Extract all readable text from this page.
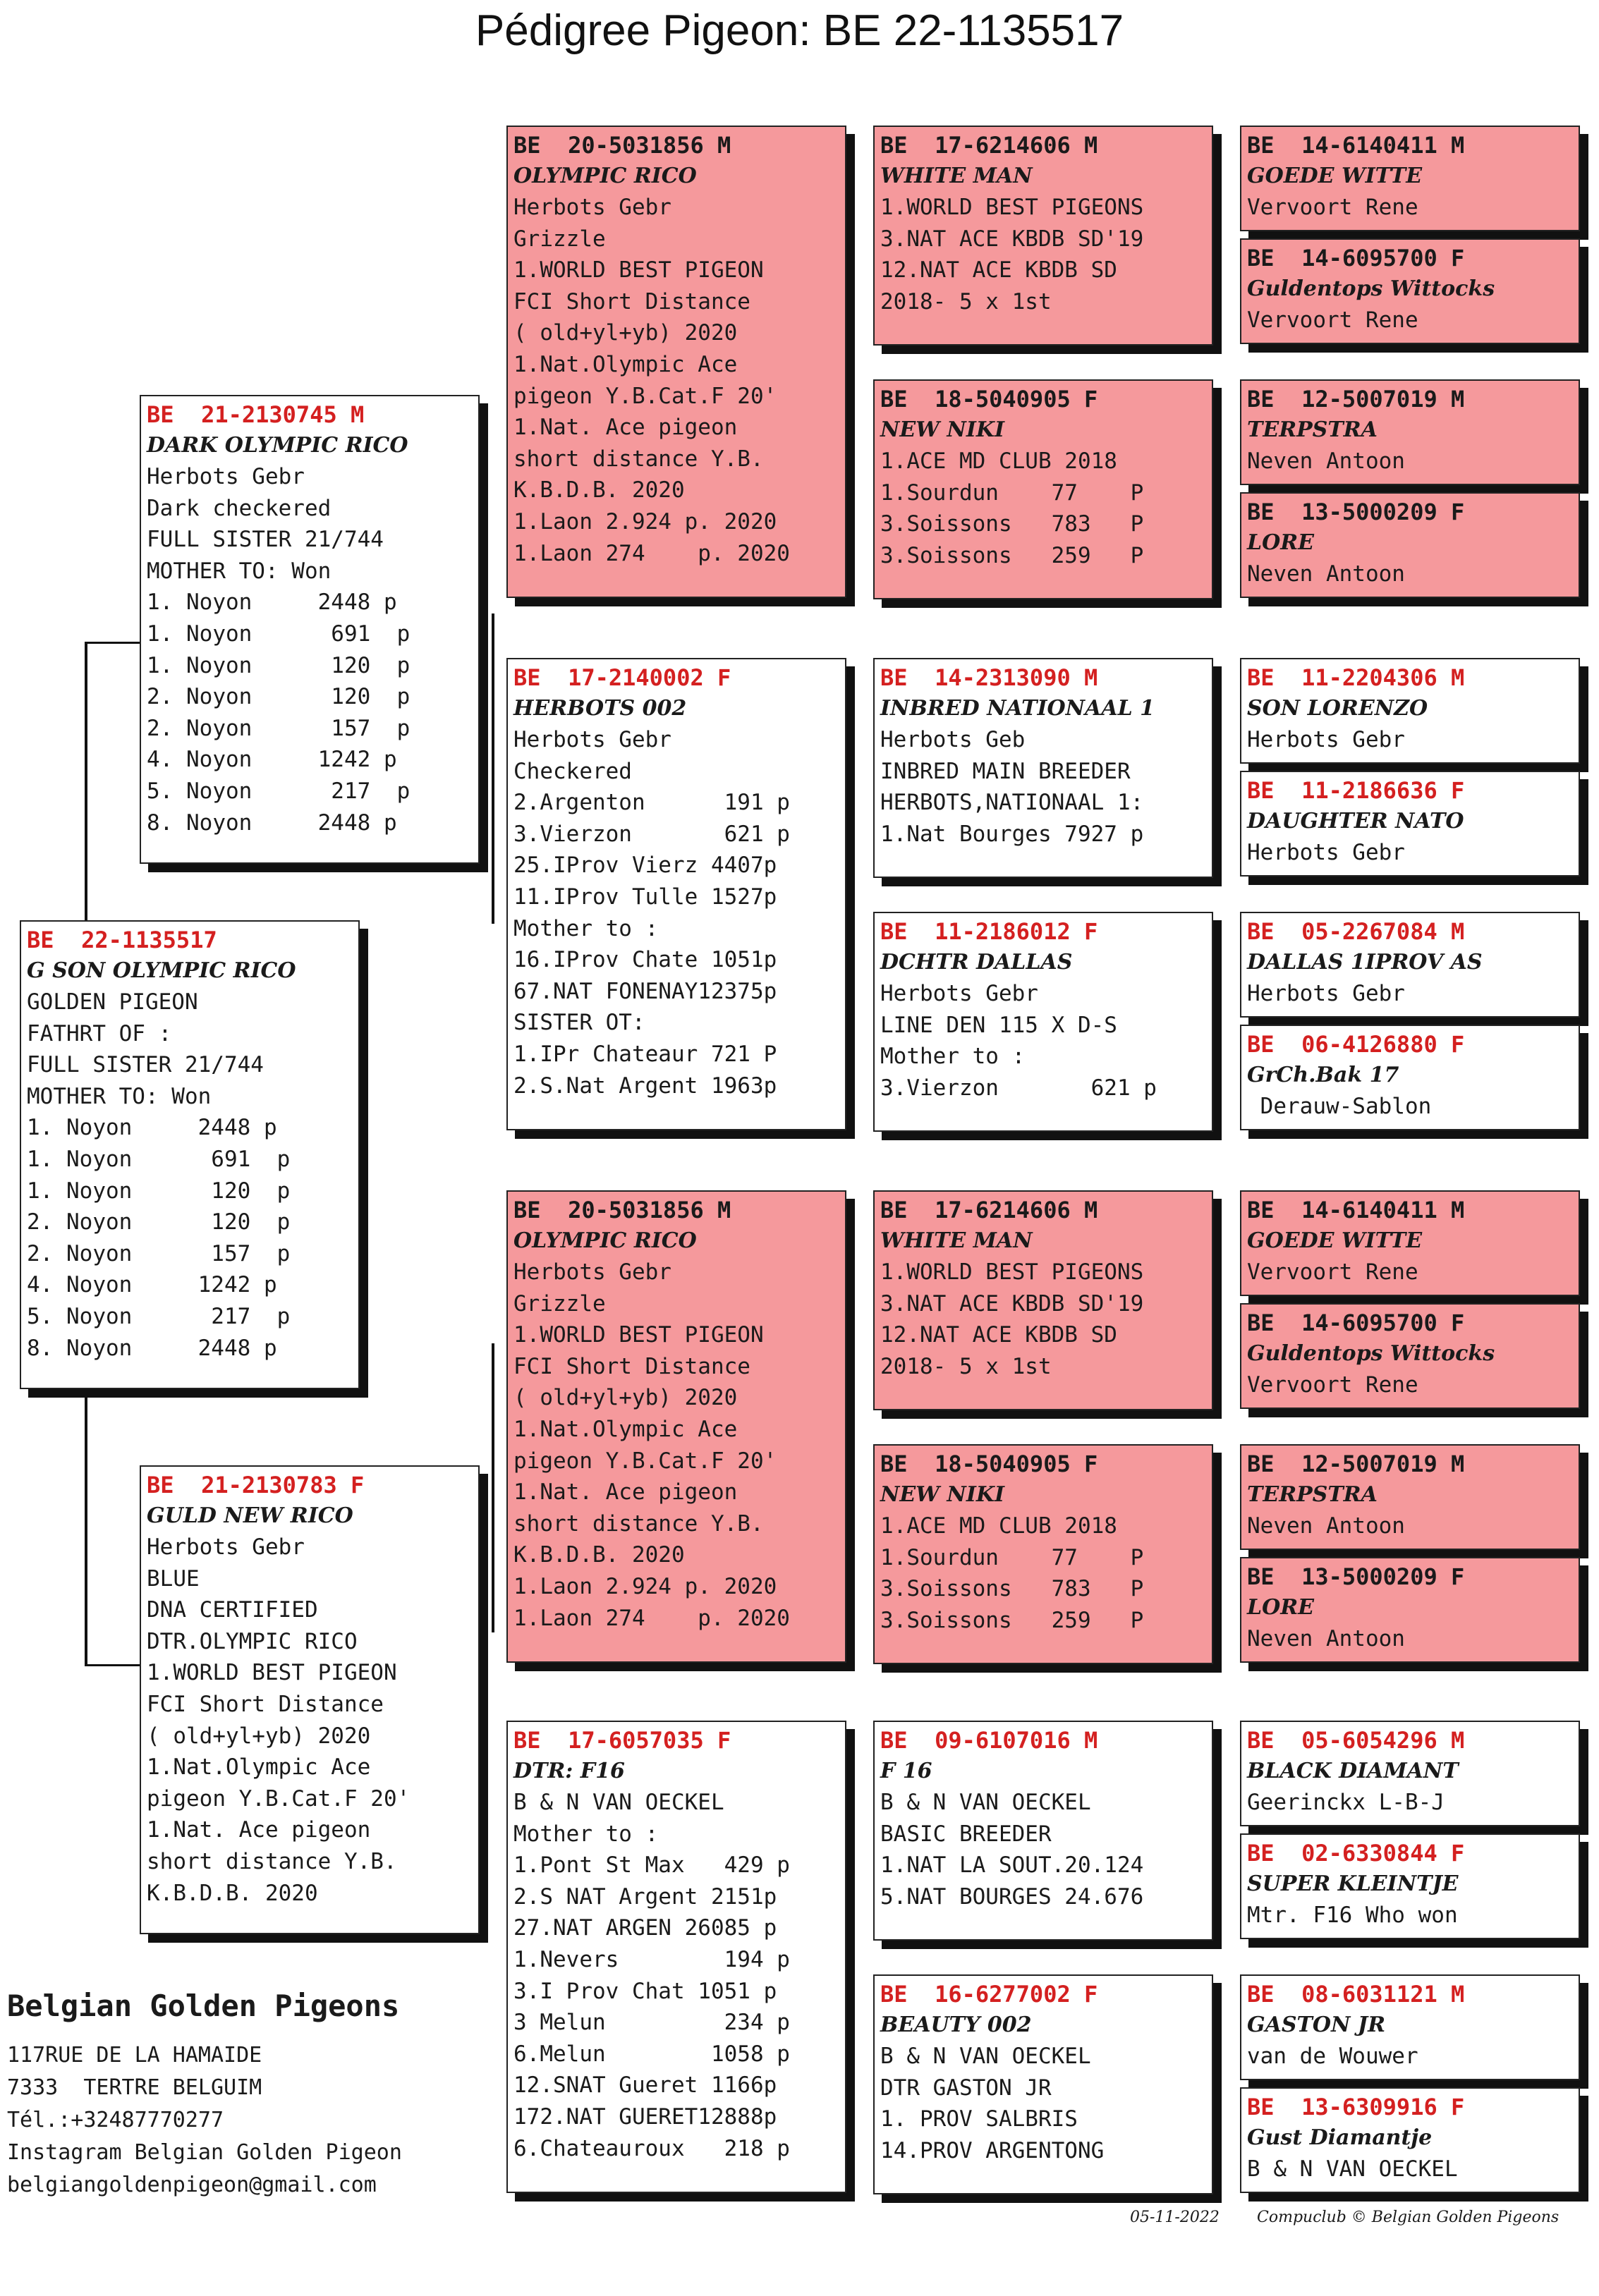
Pédigree Pigeon: BE 22-1135517
BE  22-1135517
G SON OLYMPIC RICO
GOLDEN PIGEON
FATHRT OF :
FULL SISTER 21/744
MOTHER TO: Won
1. Noyon     2448 p
1. Noyon      691  p
1. Noyon      120  p
2. Noyon      120  p
2. Noyon      157  p
4. Noyon     1242 p
5. Noyon      217  p
8. Noyon     2448 p
BE  21-2130745 M
DARK OLYMPIC RICO
Herbots Gebr
Dark checkered
FULL SISTER 21/744
MOTHER TO: Won
1. Noyon     2448 p
1. Noyon      691  p
1. Noyon      120  p
2. Noyon      120  p
2. Noyon      157  p
4. Noyon     1242 p
5. Noyon      217  p
8. Noyon     2448 p
BE  21-2130783 F
GULD NEW RICO
Herbots Gebr
BLUE
DNA CERTIFIED
DTR.OLYMPIC RICO
1.WORLD BEST PIGEON
FCI Short Distance
( old+yl+yb) 2020
1.Nat.Olympic Ace
pigeon Y.B.Cat.F 20'
1.Nat. Ace pigeon
short distance Y.B.
K.B.D.B. 2020
BE  20-5031856 M
OLYMPIC RICO
Herbots Gebr
Grizzle
1.WORLD BEST PIGEON
FCI Short Distance
( old+yl+yb) 2020
1.Nat.Olympic Ace
pigeon Y.B.Cat.F 20'
1.Nat. Ace pigeon
short distance Y.B.
K.B.D.B. 2020
1.Laon 2.924 p. 2020
1.Laon 274    p. 2020
BE  17-2140002 F
HERBOTS 002
Herbots Gebr
Checkered
2.Argenton      191 p
3.Vierzon       621 p
25.IProv Vierz 4407p
11.IProv Tulle 1527p
Mother to :
16.IProv Chate 1051p
67.NAT FONENAY12375p
SISTER OT:
1.IPr Chateaur 721 P
2.S.Nat Argent 1963p
BE  20-5031856 M
OLYMPIC RICO
Herbots Gebr
Grizzle
1.WORLD BEST PIGEON
FCI Short Distance
( old+yl+yb) 2020
1.Nat.Olympic Ace
pigeon Y.B.Cat.F 20'
1.Nat. Ace pigeon
short distance Y.B.
K.B.D.B. 2020
1.Laon 2.924 p. 2020
1.Laon 274    p. 2020
BE  17-6057035 F
DTR: F16
B & N VAN OECKEL
Mother to :
1.Pont St Max   429 p
2.S NAT Argent 2151p
27.NAT ARGEN 26085 p
1.Nevers        194 p
3.I Prov Chat 1051 p
3 Melun         234 p
6.Melun        1058 p
12.SNAT Gueret 1166p
172.NAT GUERET12888p
6.Chateauroux   218 p
BE  17-6214606 M
WHITE MAN
1.WORLD BEST PIGEONS
3.NAT ACE KBDB SD'19
12.NAT ACE KBDB SD
2018- 5 x 1st
BE  18-5040905 F
NEW NIKI
1.ACE MD CLUB 2018
1.Sourdun    77    P
3.Soissons   783   P
3.Soissons   259   P
BE  14-2313090 M
INBRED NATIONAAL 1
Herbots Geb
INBRED MAIN BREEDER
HERBOTS,NATIONAAL 1:
1.Nat Bourges 7927 p
BE  11-2186012 F
DCHTR DALLAS
Herbots Gebr
LINE DEN 115 X D-S
Mother to :
3.Vierzon       621 p
BE  17-6214606 M
WHITE MAN
1.WORLD BEST PIGEONS
3.NAT ACE KBDB SD'19
12.NAT ACE KBDB SD
2018- 5 x 1st
BE  18-5040905 F
NEW NIKI
1.ACE MD CLUB 2018
1.Sourdun    77    P
3.Soissons   783   P
3.Soissons   259   P
BE  09-6107016 M
F 16
B & N VAN OECKEL
BASIC BREEDER
1.NAT LA SOUT.20.124
5.NAT BOURGES 24.676
BE  16-6277002 F
BEAUTY 002
B & N VAN OECKEL
DTR GASTON JR
1. PROV SALBRIS
14.PROV ARGENTONG
BE  14-6140411 M
GOEDE WITTE
Vervoort Rene
BE  14-6095700 F
Guldentops Wittocks
Vervoort Rene
BE  12-5007019 M
TERPSTRA
Neven Antoon
BE  13-5000209 F
LORE
Neven Antoon
BE  11-2204306 M
SON LORENZO
Herbots Gebr
BE  11-2186636 F
DAUGHTER NATO
Herbots Gebr
BE  05-2267084 M
DALLAS 1IPROV AS
Herbots Gebr
BE  06-4126880 F
GrCh.Bak 17
Derauw-Sablon
BE  14-6140411 M
GOEDE WITTE
Vervoort Rene
BE  14-6095700 F
Guldentops Wittocks
Vervoort Rene
BE  12-5007019 M
TERPSTRA
Neven Antoon
BE  13-5000209 F
LORE
Neven Antoon
BE  05-6054296 M
BLACK DIAMANT
Geerinckx L-B-J
BE  02-6330844 F
SUPER KLEINTJE
Mtr. F16 Who won
BE  08-6031121 M
GASTON JR
van de Wouwer
BE  13-6309916 F
Gust Diamantje
B & N VAN OECKEL
Belgian Golden Pigeons
117RUE DE LA HAMAIDE
7333  TERTRE BELGUIM
Tél.:+32487770277
Instagram Belgian Golden Pigeon
belgiangoldenpigeon@gmail.com
05-11-2022 Compuclub © Belgian Golden Pigeons
